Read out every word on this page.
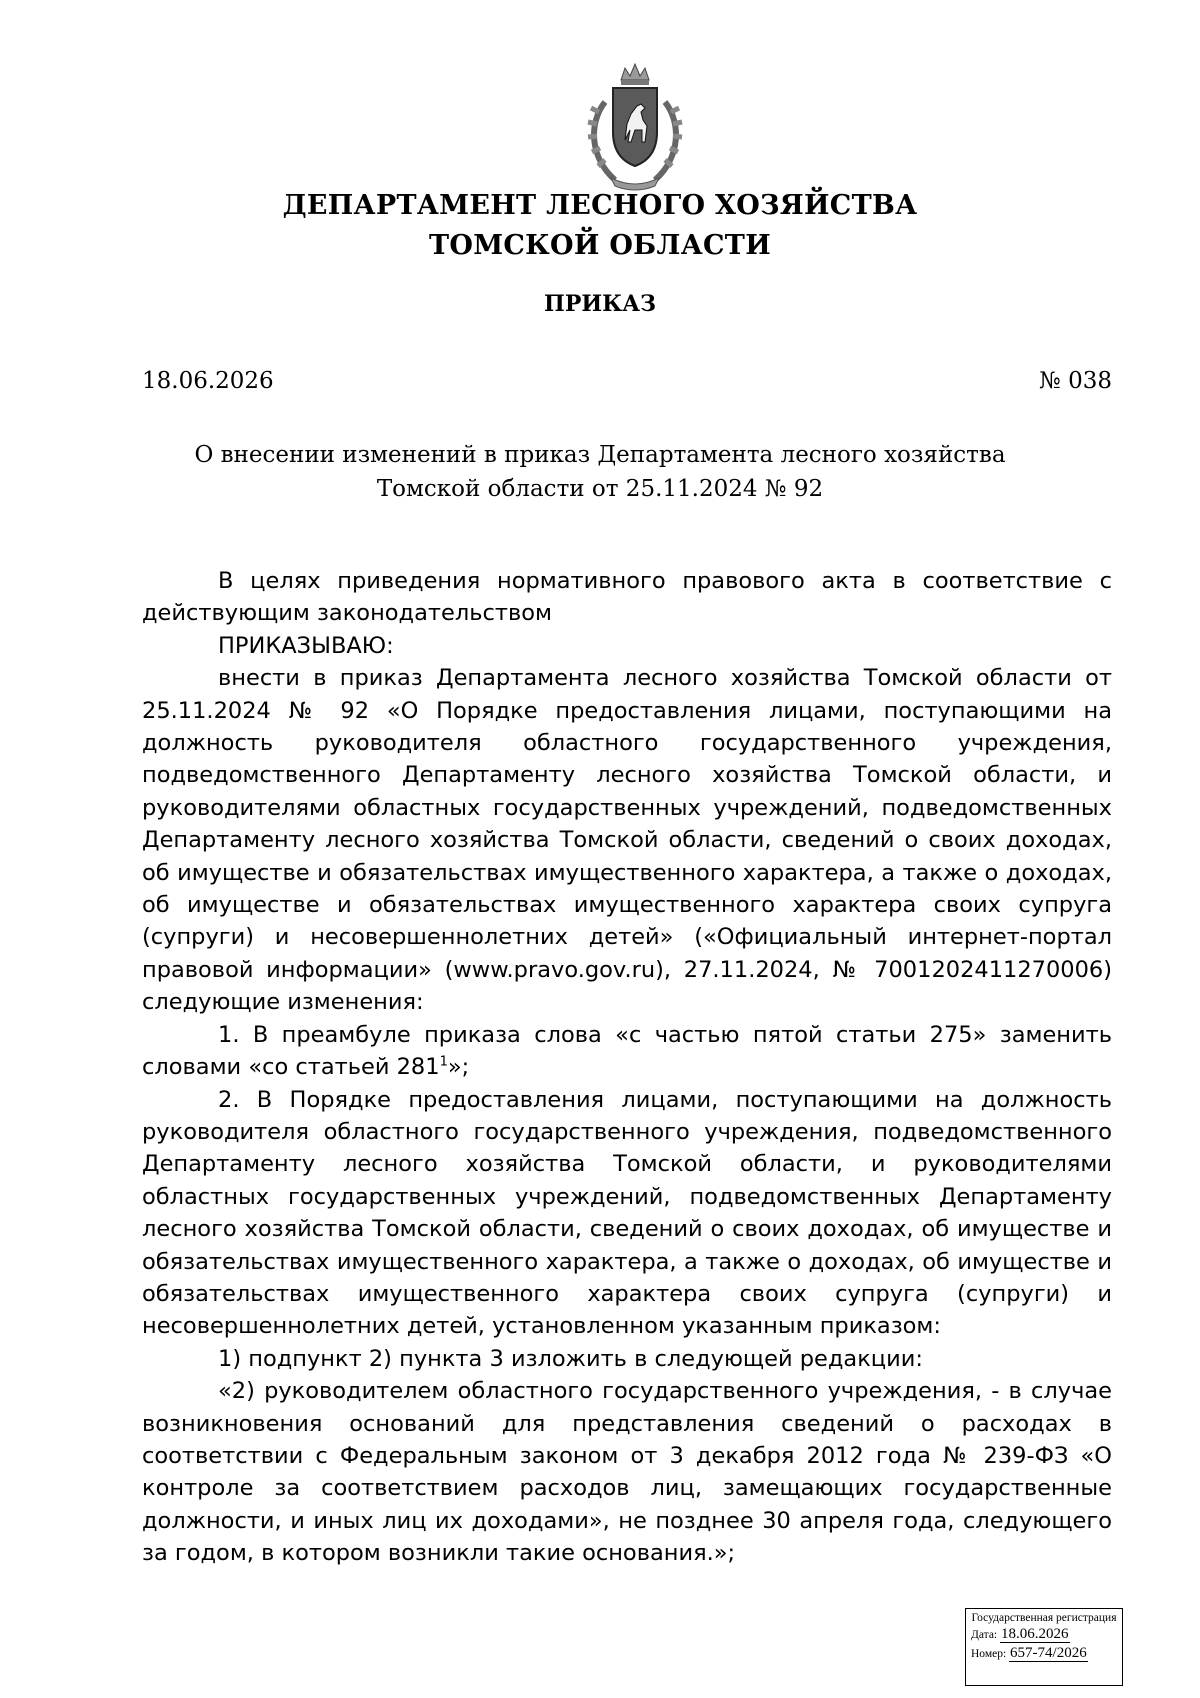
ДЕПАРТАМЕНТ ЛЕСНОГО ХОЗЯЙСТВА
ТОМСКОЙ ОБЛАСТИ
ПРИКАЗ
18.06.2026	№ 038
О внесении изменений в приказ Департамента лесного хозяйства
Томской области от 25.11.2024 № 92

В целях приведения нормативного правового акта в соответствие с действующим законодательством

ПРИКАЗЫВАЮ:

внести в приказ Департамента лесного хозяйства Томской области от 25.11.2024 № 92 «О Порядке предоставления лицами, поступающими на должность руководителя областного государственного учреждения, подведомственного Департаменту лесного хозяйства Томской области, и руководителями областных государственных учреждений, подведомственных Департаменту лесного хозяйства Томской области, сведений о своих доходах, об имуществе и обязательствах имущественного характера, а также о доходах, об имуществе и обязательствах имущественного характера своих супруга (супруги) и несовершеннолетних детей» («Официальный интернет-портал правовой информации» (www.pravo.gov.ru), 27.11.2024, № 7001202411270006) следующие изменения:

1. В преамбуле приказа слова «с частью пятой статьи 275» заменить словами «со статьей $281^1$»;

2. В Порядке предоставления лицами, поступающими на должность руководителя областного государственного учреждения, подведомственного Департаменту лесного хозяйства Томской области, и руководителями областных государственных учреждений, подведомственных Департаменту лесного хозяйства Томской области, сведений о своих доходах, об имуществе и обязательствах имущественного характера, а также о доходах, об имуществе и обязательствах имущественного характера своих супруга (супруги) и несовершеннолетних детей, установленном указанным приказом:

1) подпункт 2) пункта 3 изложить в следующей редакции:

«2) руководителем областного государственного учреждения, - в случае возникновения оснований для представления сведений о расходах в соответствии с Федеральным законом от 3 декабря 2012 года № 239-ФЗ «О контроле за соответствием расходов лиц, замещающих государственные должности, и иных лиц их доходами», не позднее 30 апреля года, следующего за годом, в котором возникли такие основания.»;

Государственная регистрация
Дата: 18.06.2026
Номер: 657-74/2026
